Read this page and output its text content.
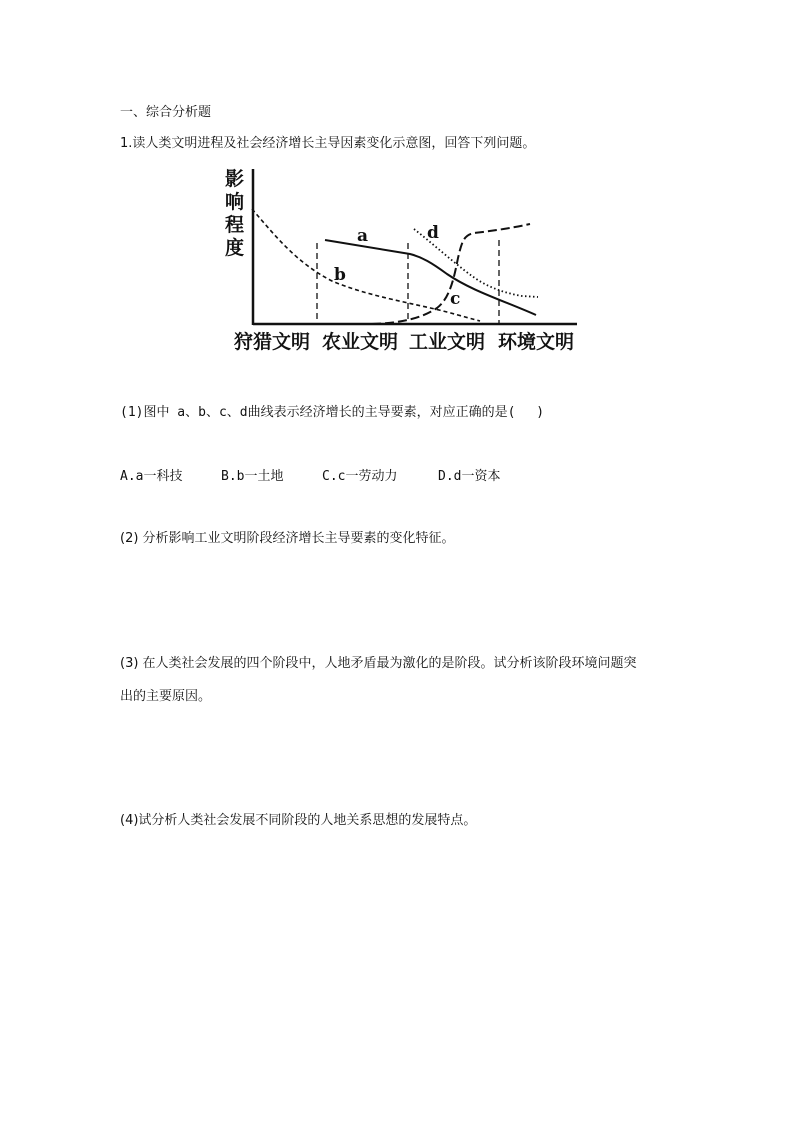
一、综合分析题
1.读人类文明进程及社会经济增长主导因素变化示意图，回答下列问题。
影
响
程
度
a
b
c
d
狩猎文明 农业文明 工业文明 环境文明
(1)图中 a、b、c、d曲线表示经济增长的主导要素，对应正确的是(　 )
A.a一科技	B.b一土地	C.c一劳动力	D.d一资本
(2) 分析影响工业文明阶段经济增长主导要素的变化特征。
(3) 在人类社会发展的四个阶段中，人地矛盾最为激化的是阶段。试分析该阶段环境问题突
出的主要原因。
(4)试分析人类社会发展不同阶段的人地关系思想的发展特点。
